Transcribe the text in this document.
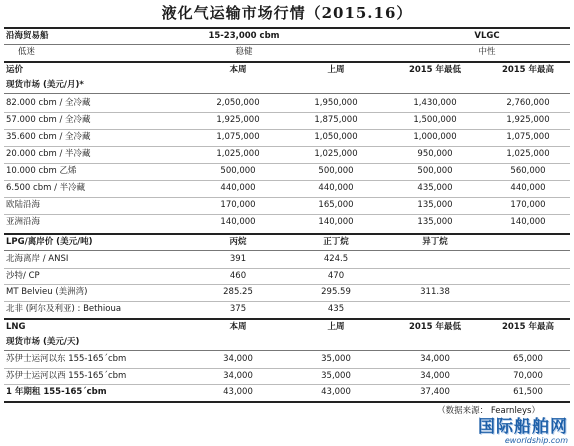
液化气运输市场行情（2015.16）
沿海贸易船	15-23,000 cbm	VLGC
低迷	稳健	中性
运价	本周	上周	2015 年最低	2015 年最高
现货市场 (美元/月)*
82.000 cbm / 全冷藏	2,050,000	1,950,000	1,430,000	2,760,000
57.000 cbm / 全冷藏	1,925,000	1,875,000	1,500,000	1,925,000
35.600 cbm / 全冷藏	1,075,000	1,050,000	1,000,000	1,075,000
20.000 cbm / 半冷藏	1,025,000	1,025,000	950,000	1,025,000
10.000 cbm 乙烯	500,000	500,000	500,000	560,000
6.500 cbm / 半冷藏	440,000	440,000	435,000	440,000
欧陆沿海	170,000	165,000	135,000	170,000
亚洲沿海	140,000	140,000	135,000	140,000
LPG/离岸价 (美元/吨)	丙烷	正丁烷	异丁烷
北海离岸 / ANSI	391	424.5
沙特/ CP	460	470
MT Belvieu (美洲湾)	285.25	295.59	311.38
北非 (阿尔及利亚) : Bethioua	375	435
LNG	本周	上周	2015 年最低	2015 年最高
现货市场 (美元/天)
苏伊士运河以东 155-165´cbm	34,000	35,000	34,000	65,000
苏伊士运河以西 155-165´cbm	34,000	35,000	34,000	70,000
1 年期租 155-165´cbm	43,000	43,000	37,400	61,500
（数据来源： Fearnleys）
国际船舶网
eworldship.com
